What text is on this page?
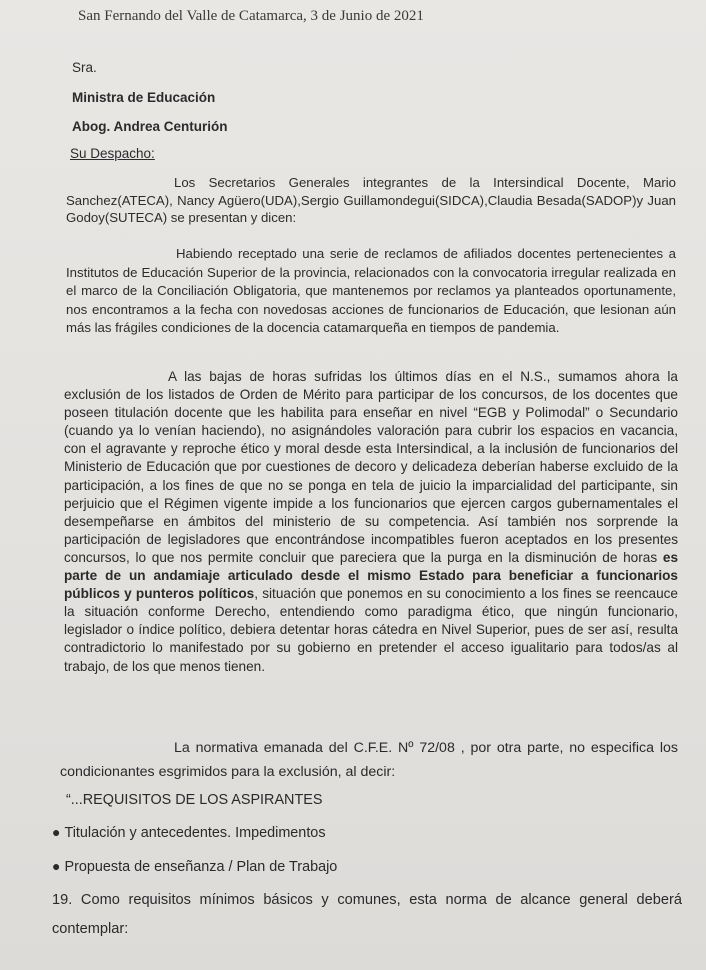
San Fernando del Valle de Catamarca, 3 de Junio de 2021
Sra.
Ministra de Educación
Abog. Andrea Centurión
Su Despacho:
Los Secretarios Generales integrantes de la Intersindical Docente, Mario Sanchez(ATECA), Nancy Agüero(UDA),Sergio Guillamondegui(SIDCA),Claudia Besada(SADOP)y Juan Godoy(SUTECA) se presentan y dicen:
Habiendo receptado una serie de reclamos de afiliados docentes pertenecientes a Institutos de Educación Superior de la provincia, relacionados con la convocatoria irregular realizada en el marco de la Conciliación Obligatoria, que mantenemos por reclamos ya planteados oportunamente, nos encontramos a la fecha con novedosas acciones de funcionarios de Educación, que lesionan aún más las frágiles condiciones de la docencia catamarqueña en tiempos de pandemia.
A las bajas de horas sufridas los últimos días en el N.S., sumamos ahora la exclusión de los listados de Orden de Mérito para participar de los concursos, de los docentes que poseen titulación docente que les habilita para enseñar en nivel “EGB y Polimodal” o Secundario (cuando ya lo venían haciendo), no asignándoles valoración para cubrir los espacios en vacancia, con el agravante y reproche ético y moral desde esta Intersindical, a la inclusión de funcionarios del Ministerio de Educación que por cuestiones de decoro y delicadeza deberían haberse excluido de la participación, a los fines de que no se ponga en tela de juicio la imparcialidad del participante, sin perjuicio que el Régimen vigente impide a los funcionarios que ejercen cargos gubernamentales el desempeñarse en ámbitos del ministerio de su competencia. Así también nos sorprende la participación de legisladores que encontrándose incompatibles fueron aceptados en los presentes concursos, lo que nos permite concluir que pareciera que la purga en la disminución de horas es parte de un andamiaje articulado desde el mismo Estado para beneficiar a funcionarios públicos y punteros políticos, situación que ponemos en su conocimiento a los fines se reencauce la situación conforme Derecho, entendiendo como paradigma ético, que ningún funcionario, legislador o índice político, debiera detentar horas cátedra en Nivel Superior, pues de ser así, resulta contradictorio lo manifestado por su gobierno en pretender el acceso igualitario para todos/as al trabajo, de los que menos tienen.
La normativa emanada del C.F.E. Nº 72/08 , por otra parte, no especifica los condicionantes esgrimidos para la exclusión, al decir:
“...REQUISITOS DE LOS ASPIRANTES
● Titulación y antecedentes. Impedimentos
● Propuesta de enseñanza / Plan de Trabajo
19. Como requisitos mínimos básicos y comunes, esta norma de alcance general deberá contemplar:
